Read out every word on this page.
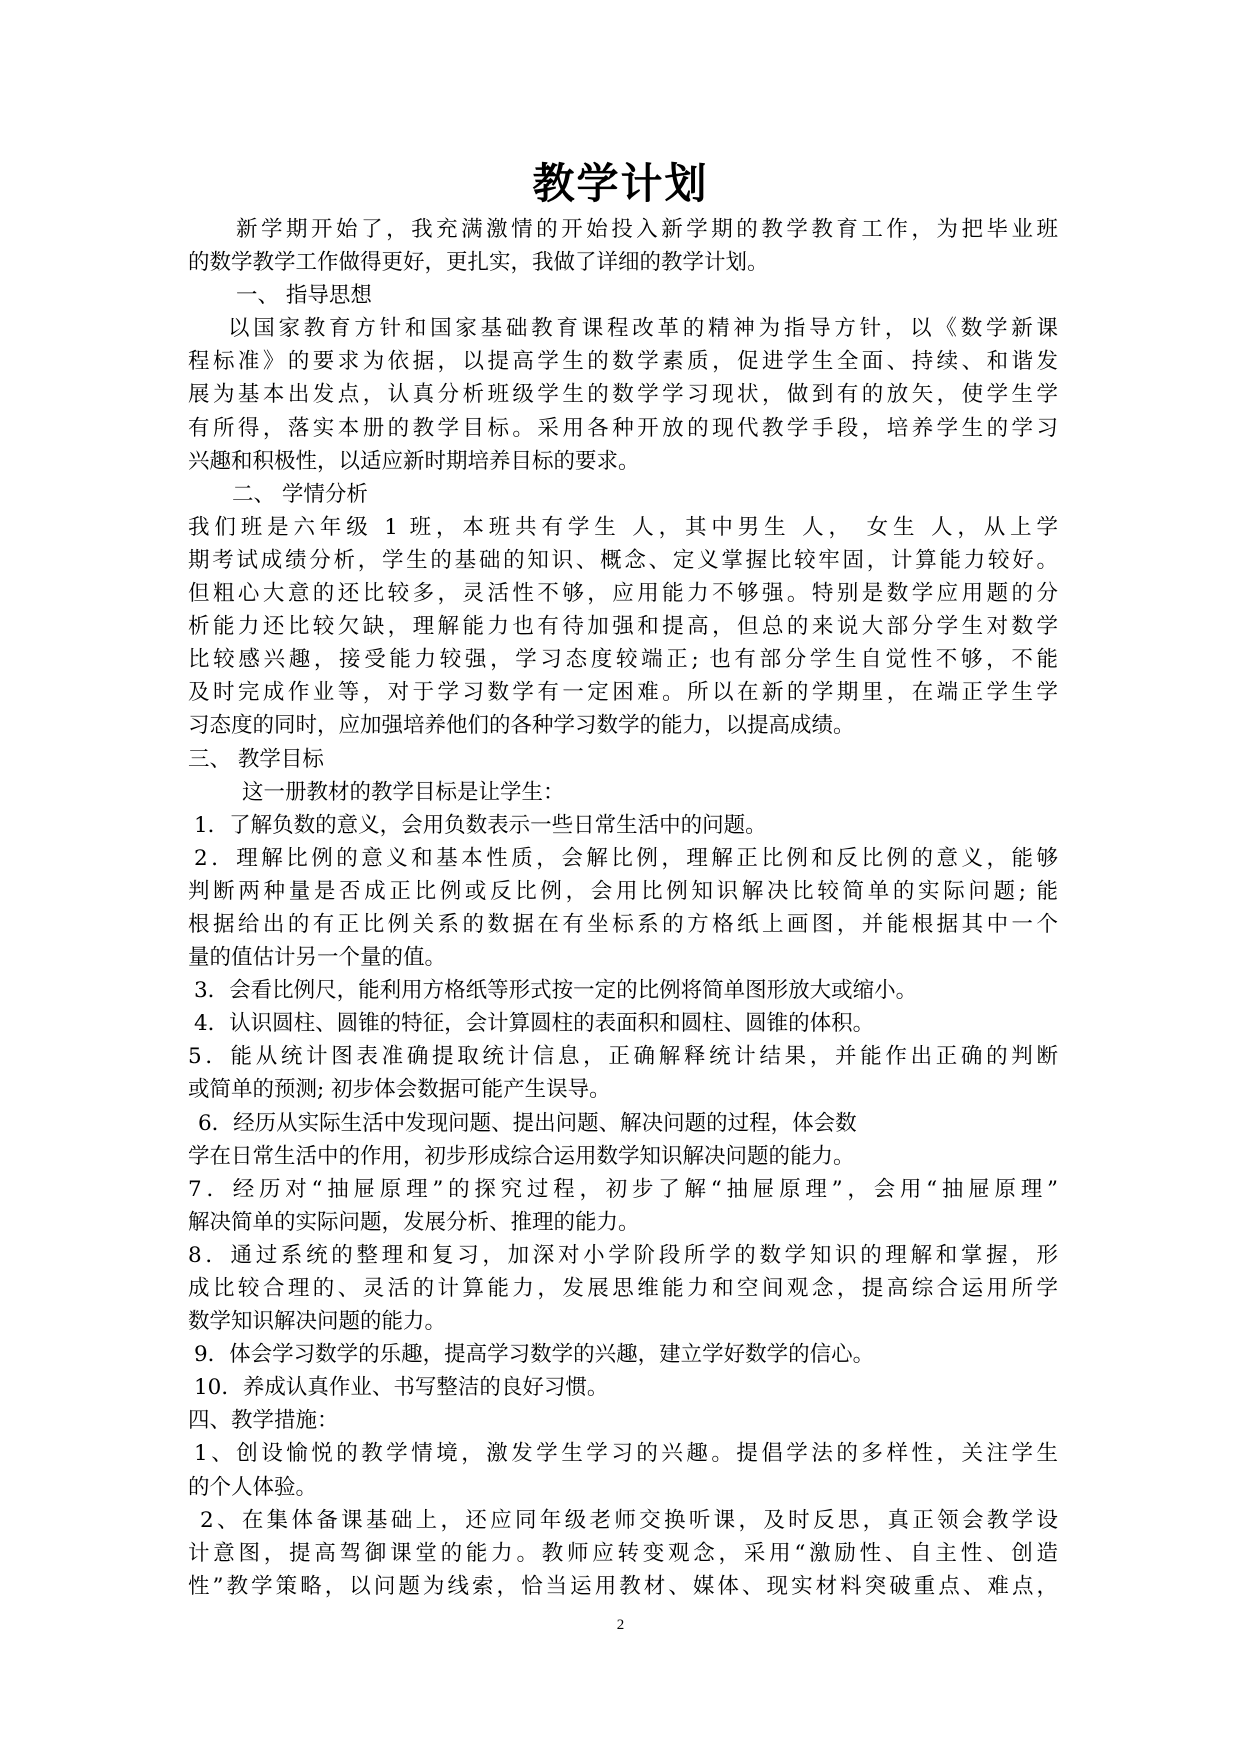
教学计划

新学期开始了，我充满激情的开始投入新学期的教学教育工作，为把毕业班

的数学教学工作做得更好，更扎实，我做了详细的教学计划。

一、 指导思想

以国家教育方针和国家基础教育课程改革的精神为指导方针，以《数学新课

程标准》的要求为依据，以提高学生的数学素质，促进学生全面、持续、和谐发

展为基本出发点，认真分析班级学生的数学学习现状，做到有的放矢，使学生学

有所得，落实本册的教学目标。采用各种开放的现代教学手段，培养学生的学习

兴趣和积极性，以适应新时期培养目标的要求。

二、 学情分析

我们班是六年级 1 班，本班共有学生 人，其中男生 人， 女生 人，从上学

期考试成绩分析，学生的基础的知识、概念、定义掌握比较牢固，计算能力较好。

但粗心大意的还比较多，灵活性不够，应用能力不够强。特别是数学应用题的分

析能力还比较欠缺，理解能力也有待加强和提高，但总的来说大部分学生对数学

比较感兴趣，接受能力较强，学习态度较端正; 也有部分学生自觉性不够，不能

及时完成作业等，对于学习数学有一定困难。所以在新的学期里，在端正学生学

习态度的同时，应加强培养他们的各种学习数学的能力，以提高成绩。

三、 教学目标

这一册教材的教学目标是让学生：

1．了解负数的意义，会用负数表示一些日常生活中的问题。

2．理解比例的意义和基本性质，会解比例，理解正比例和反比例的意义，能够

判断两种量是否成正比例或反比例，会用比例知识解决比较简单的实际问题; 能

根据给出的有正比例关系的数据在有坐标系的方格纸上画图，并能根据其中一个

量的值估计另一个量的值。

3．会看比例尺，能利用方格纸等形式按一定的比例将简单图形放大或缩小。

4．认识圆柱、圆锥的特征，会计算圆柱的表面积和圆柱、圆锥的体积。

5．能从统计图表准确提取统计信息，正确解释统计结果，并能作出正确的判断

或简单的预测; 初步体会数据可能产生误导。

6．经历从实际生活中发现问题、提出问题、解决问题的过程，体会数

学在日常生活中的作用，初步形成综合运用数学知识解决问题的能力。

7．经历对“抽屉原理”的探究过程，初步了解“抽屉原理”，会用“抽屉原理”

解决简单的实际问题，发展分析、推理的能力。

8．通过系统的整理和复习，加深对小学阶段所学的数学知识的理解和掌握，形

成比较合理的、灵活的计算能力，发展思维能力和空间观念，提高综合运用所学

数学知识解决问题的能力。

9．体会学习数学的乐趣，提高学习数学的兴趣，建立学好数学的信心。

10．养成认真作业、书写整洁的良好习惯。

四、教学措施：

1、创设愉悦的教学情境，激发学生学习的兴趣。提倡学法的多样性，关注学生

的个人体验。

2、在集体备课基础上，还应同年级老师交换听课，及时反思，真正领会教学设

计意图，提高驾御课堂的能力。教师应转变观念，采用“激励性、自主性、创造

性”教学策略，以问题为线索，恰当运用教材、媒体、现实材料突破重点、难点，

2
